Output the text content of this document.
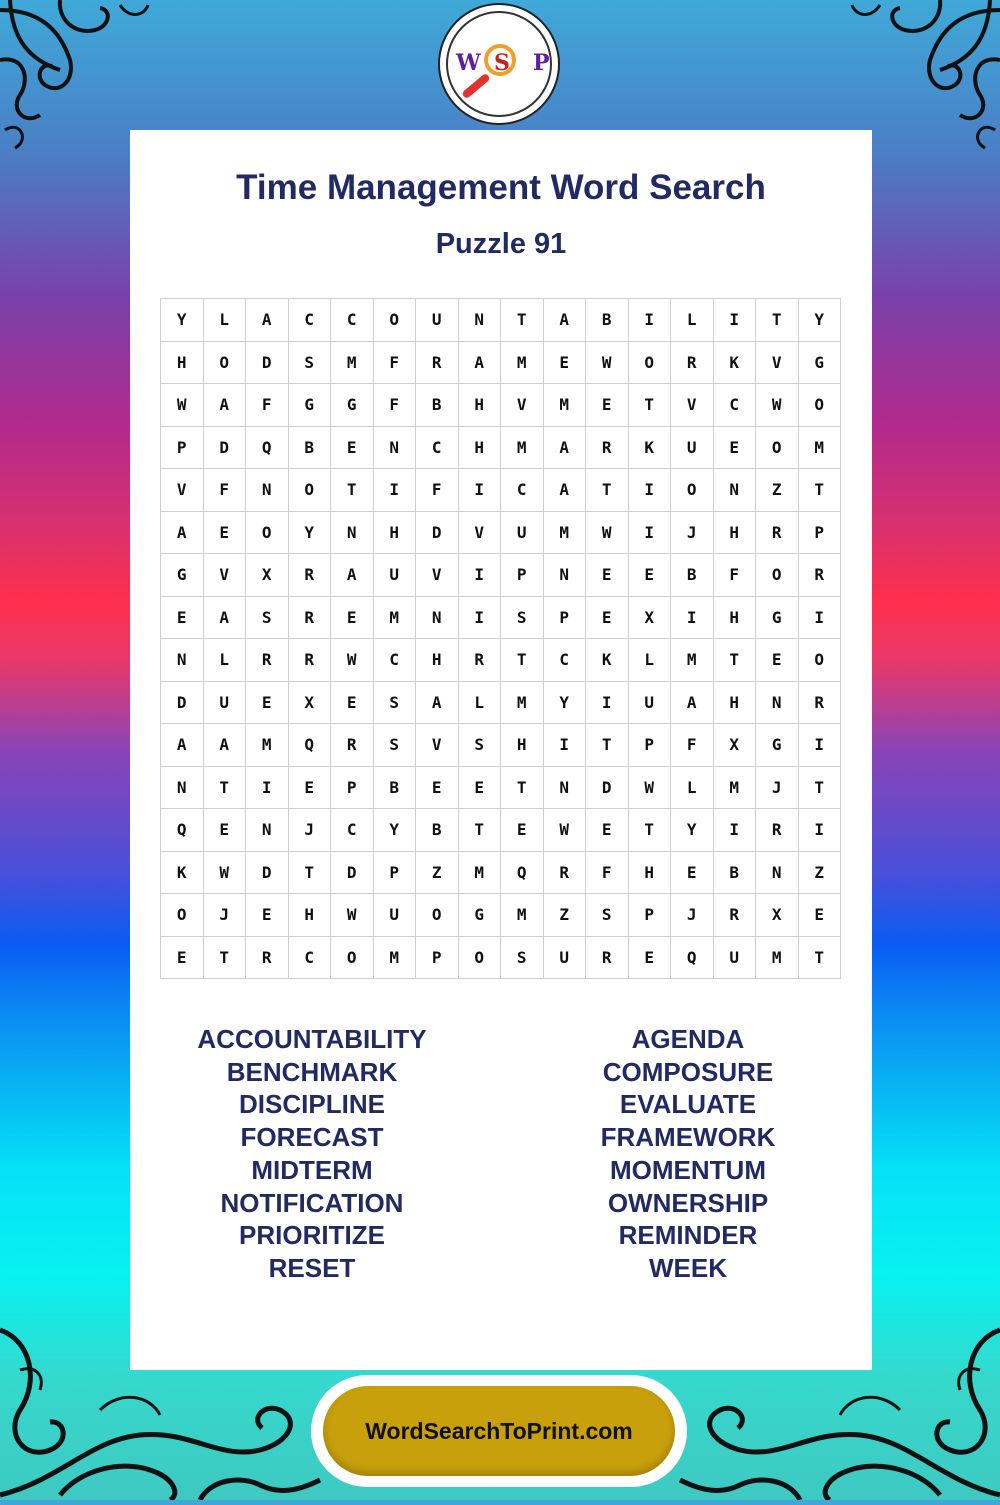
W S P
Time Management Word Search
Puzzle 91
Y	L	A	C	C	O	U	N	T	A	B	I	L	I	T	Y
H	O	D	S	M	F	R	A	M	E	W	O	R	K	V	G
W	A	F	G	G	F	B	H	V	M	E	T	V	C	W	O
P	D	Q	B	E	N	C	H	M	A	R	K	U	E	O	M
V	F	N	O	T	I	F	I	C	A	T	I	O	N	Z	T
A	E	O	Y	N	H	D	V	U	M	W	I	J	H	R	P
G	V	X	R	A	U	V	I	P	N	E	E	B	F	O	R
E	A	S	R	E	M	N	I	S	P	E	X	I	H	G	I
N	L	R	R	W	C	H	R	T	C	K	L	M	T	E	O
D	U	E	X	E	S	A	L	M	Y	I	U	A	H	N	R
A	A	M	Q	R	S	V	S	H	I	T	P	F	X	G	I
N	T	I	E	P	B	E	E	T	N	D	W	L	M	J	T
Q	E	N	J	C	Y	B	T	E	W	E	T	Y	I	R	I
K	W	D	T	D	P	Z	M	Q	R	F	H	E	B	N	Z
O	J	E	H	W	U	O	G	M	Z	S	P	J	R	X	E
E	T	R	C	O	M	P	O	S	U	R	E	Q	U	M	T
ACCOUNTABILITY
BENCHMARK
DISCIPLINE
FORECAST
MIDTERM
NOTIFICATION
PRIORITIZE
RESET
AGENDA
COMPOSURE
EVALUATE
FRAMEWORK
MOMENTUM
OWNERSHIP
REMINDER
WEEK
WordSearchToPrint.com
